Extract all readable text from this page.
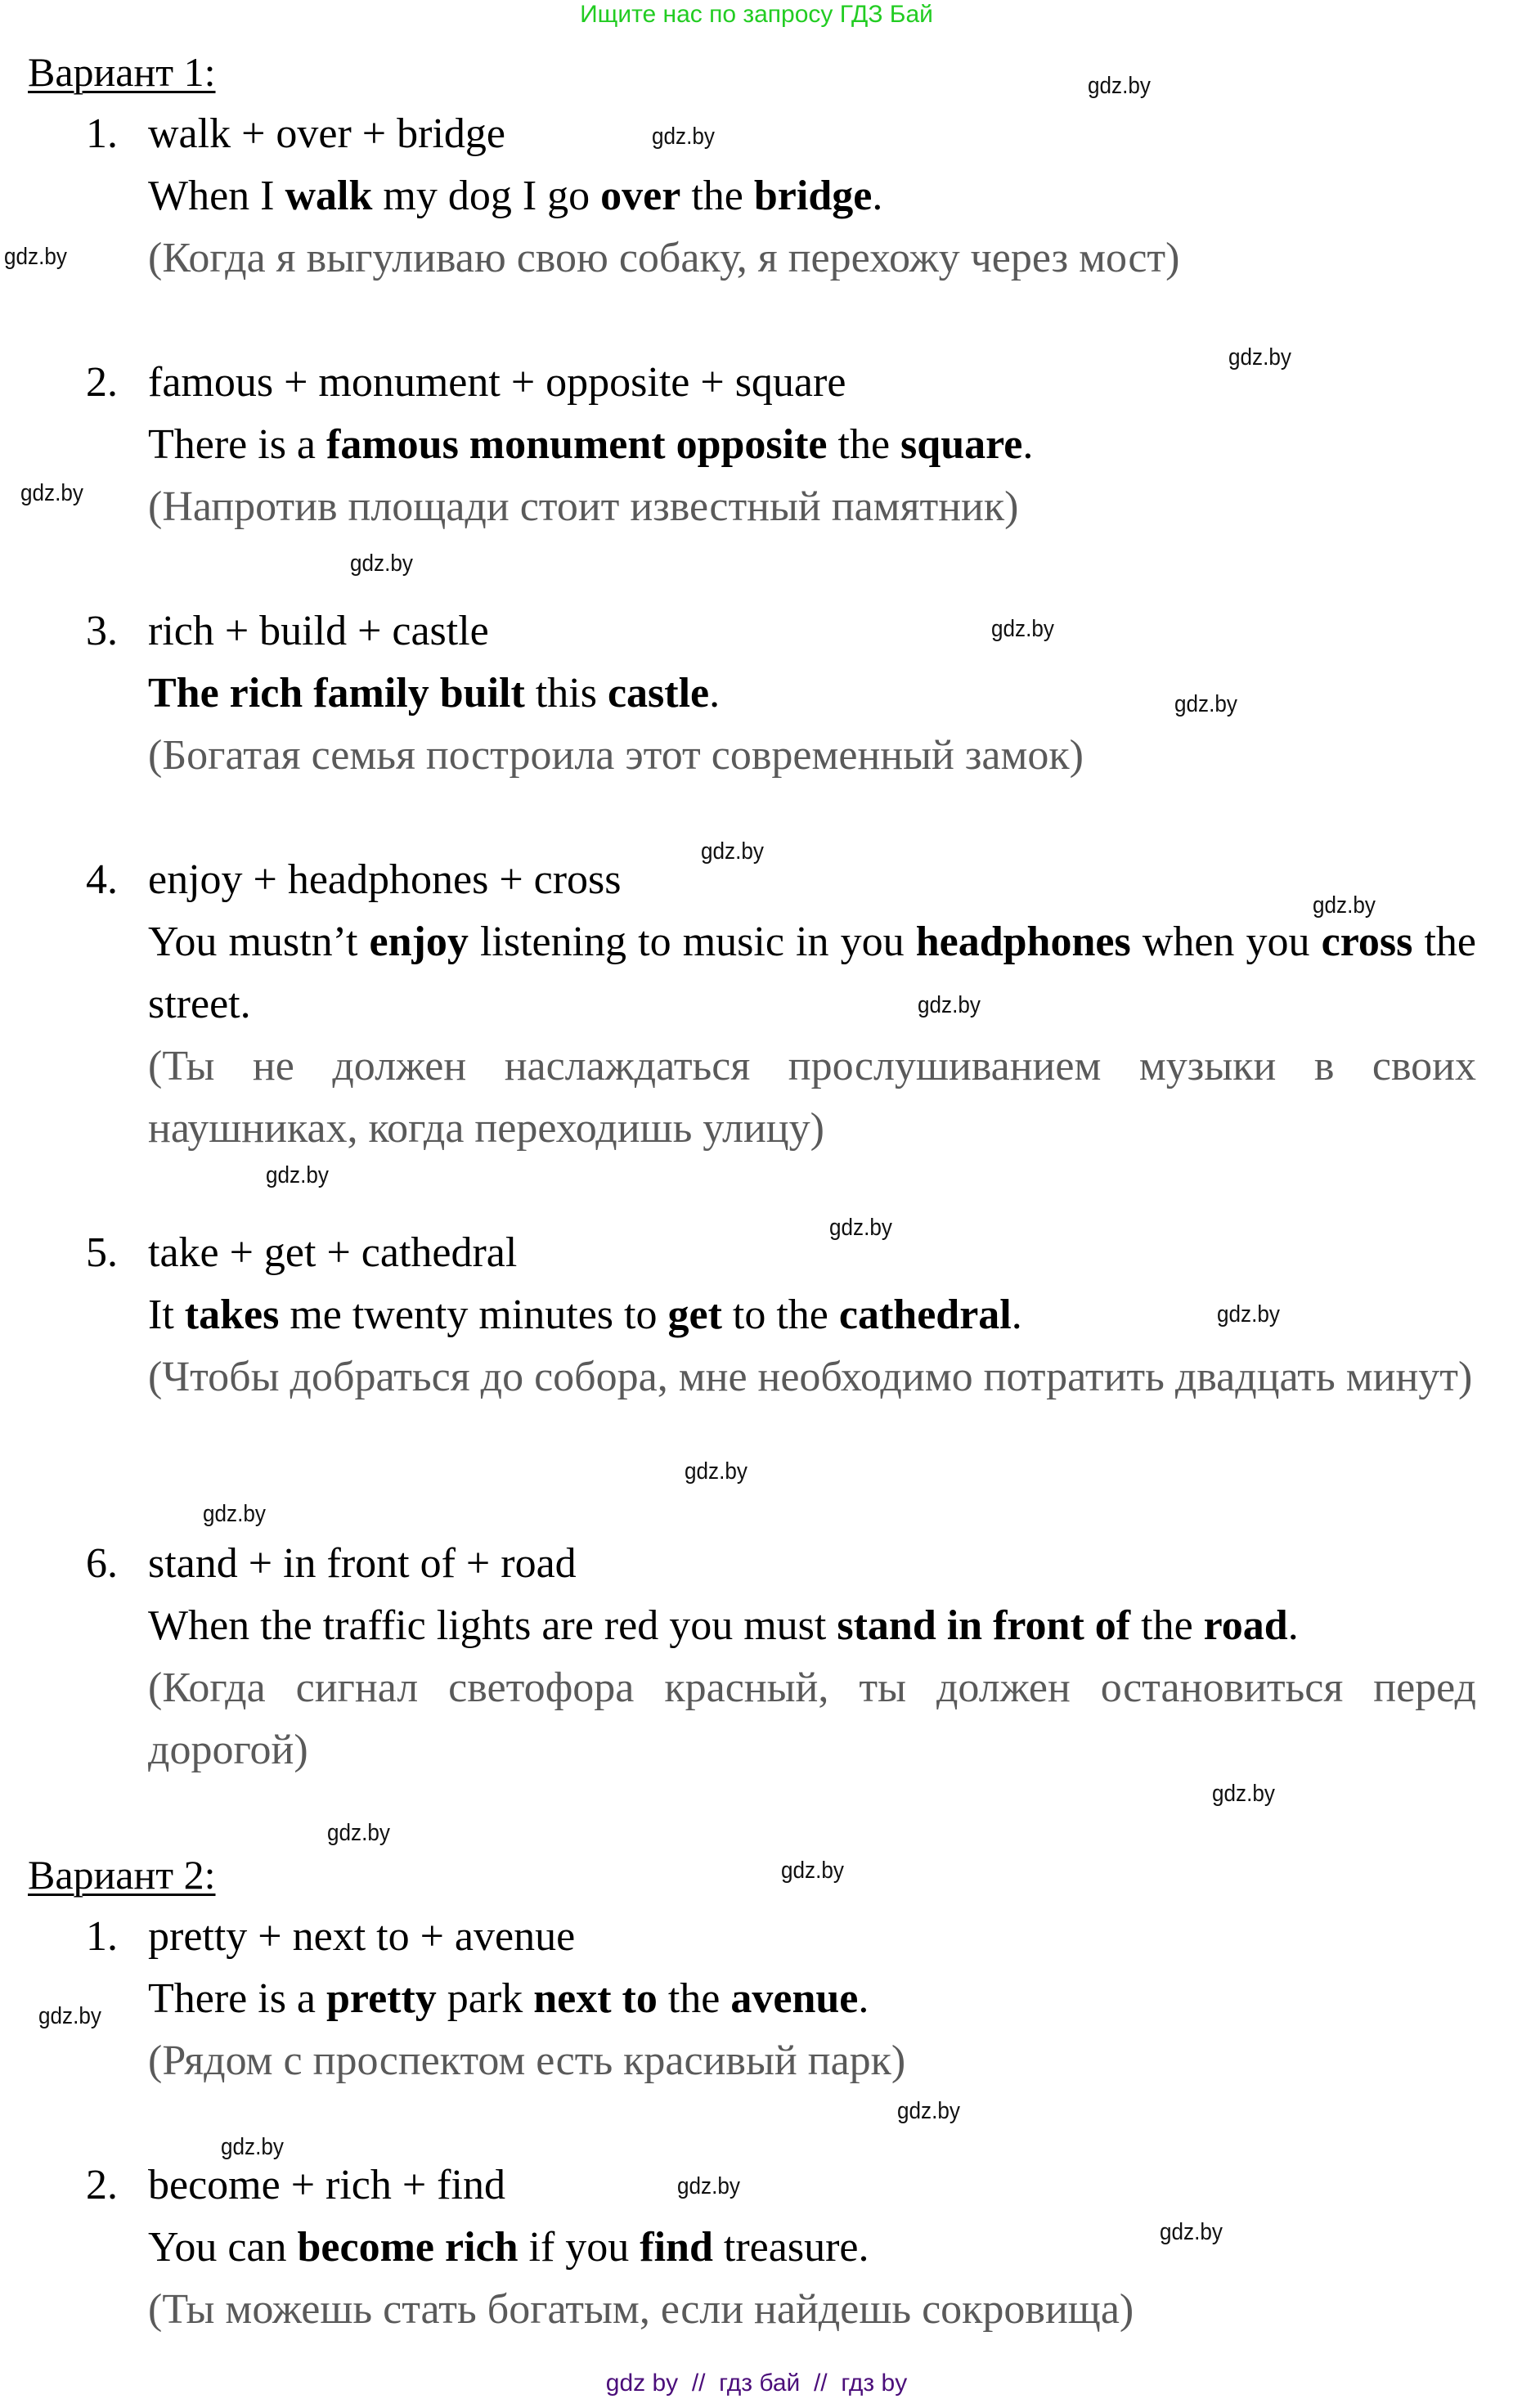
Ищите нас по запросу ГДЗ Бай
Вариант 1:
1. walk + over + bridge
When I walk my dog I go over the bridge.
(Когда я выгуливаю свою собаку, я перехожу через мост)
2. famous + monument + opposite + square
There is a famous monument opposite the square.
(Напротив площади стоит известный памятник)
3. rich + build + castle
The rich family built this castle.
(Богатая семья построила этот современный замок)
4. enjoy + headphones + cross
You mustn’t enjoy listening to music in you headphones when you cross the street.
(Ты не должен наслаждаться прослушиванием музыки в своих наушниках, когда переходишь улицу)
5. take + get + cathedral
It takes me twenty minutes to get to the cathedral.
(Чтобы добраться до собора, мне необходимо потратить двадцать минут)
6. stand + in front of + road
When the traffic lights are red you must stand in front of the road.
(Когда сигнал светофора красный, ты должен остановиться перед дорогой)
Вариант 2:
1. pretty + next to + avenue
There is a pretty park next to the avenue.
(Рядом с проспектом есть красивый парк)
2. become + rich + find
You can become rich if you find treasure.
(Ты можешь стать богатым, если найдешь сокровища)
gdz.by
gdz.by
gdz.by
gdz.by
gdz.by
gdz.by
gdz.by
gdz.by
gdz.by
gdz.by
gdz.by
gdz.by
gdz.by
gdz.by
gdz.by
gdz.by
gdz.by
gdz.by
gdz.by
gdz.by
gdz.by
gdz.by
gdz.by
gdz.by
gdz by  //  гдз бай  //  гдз by
